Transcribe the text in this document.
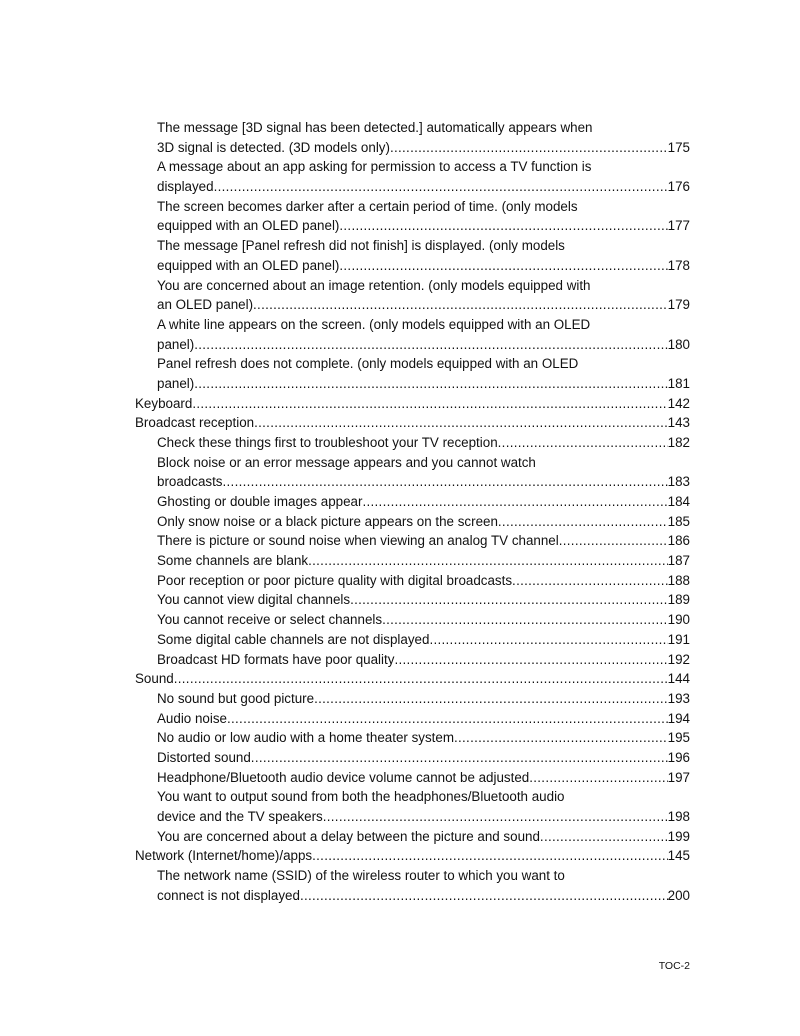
The message [3D signal has been detected.] automatically appears when
3D signal is detected. (3D models only) .....	175
A message about an app asking for permission to access a TV function is
displayed .....	176
The screen becomes darker after a certain period of time. (only models
equipped with an OLED panel) .....	177
The message [Panel refresh did not finish] is displayed. (only models
equipped with an OLED panel) .....	178
You are concerned about an image retention. (only models equipped with
an OLED panel) .....	179
A white line appears on the screen. (only models equipped with an OLED
panel) .....	180
Panel refresh does not complete. (only models equipped with an OLED
panel) .....	181
Keyboard .....	142
Broadcast reception .....	143
Check these things first to troubleshoot your TV reception .....	182
Block noise or an error message appears and you cannot watch
broadcasts .....	183
Ghosting or double images appear .....	184
Only snow noise or a black picture appears on the screen .....	185
There is picture or sound noise when viewing an analog TV channel .....	186
Some channels are blank .....	187
Poor reception or poor picture quality with digital broadcasts .....	188
You cannot view digital channels .....	189
You cannot receive or select channels .....	190
Some digital cable channels are not displayed .....	191
Broadcast HD formats have poor quality .....	192
Sound .....	144
No sound but good picture .....	193
Audio noise .....	194
No audio or low audio with a home theater system .....	195
Distorted sound .....	196
Headphone/Bluetooth audio device volume cannot be adjusted .....	197
You want to output sound from both the headphones/Bluetooth audio
device and the TV speakers .....	198
You are concerned about a delay between the picture and sound .....	199
Network (Internet/home)/apps .....	145
The network name (SSID) of the wireless router to which you want to
connect is not displayed .....	200
TOC-2
